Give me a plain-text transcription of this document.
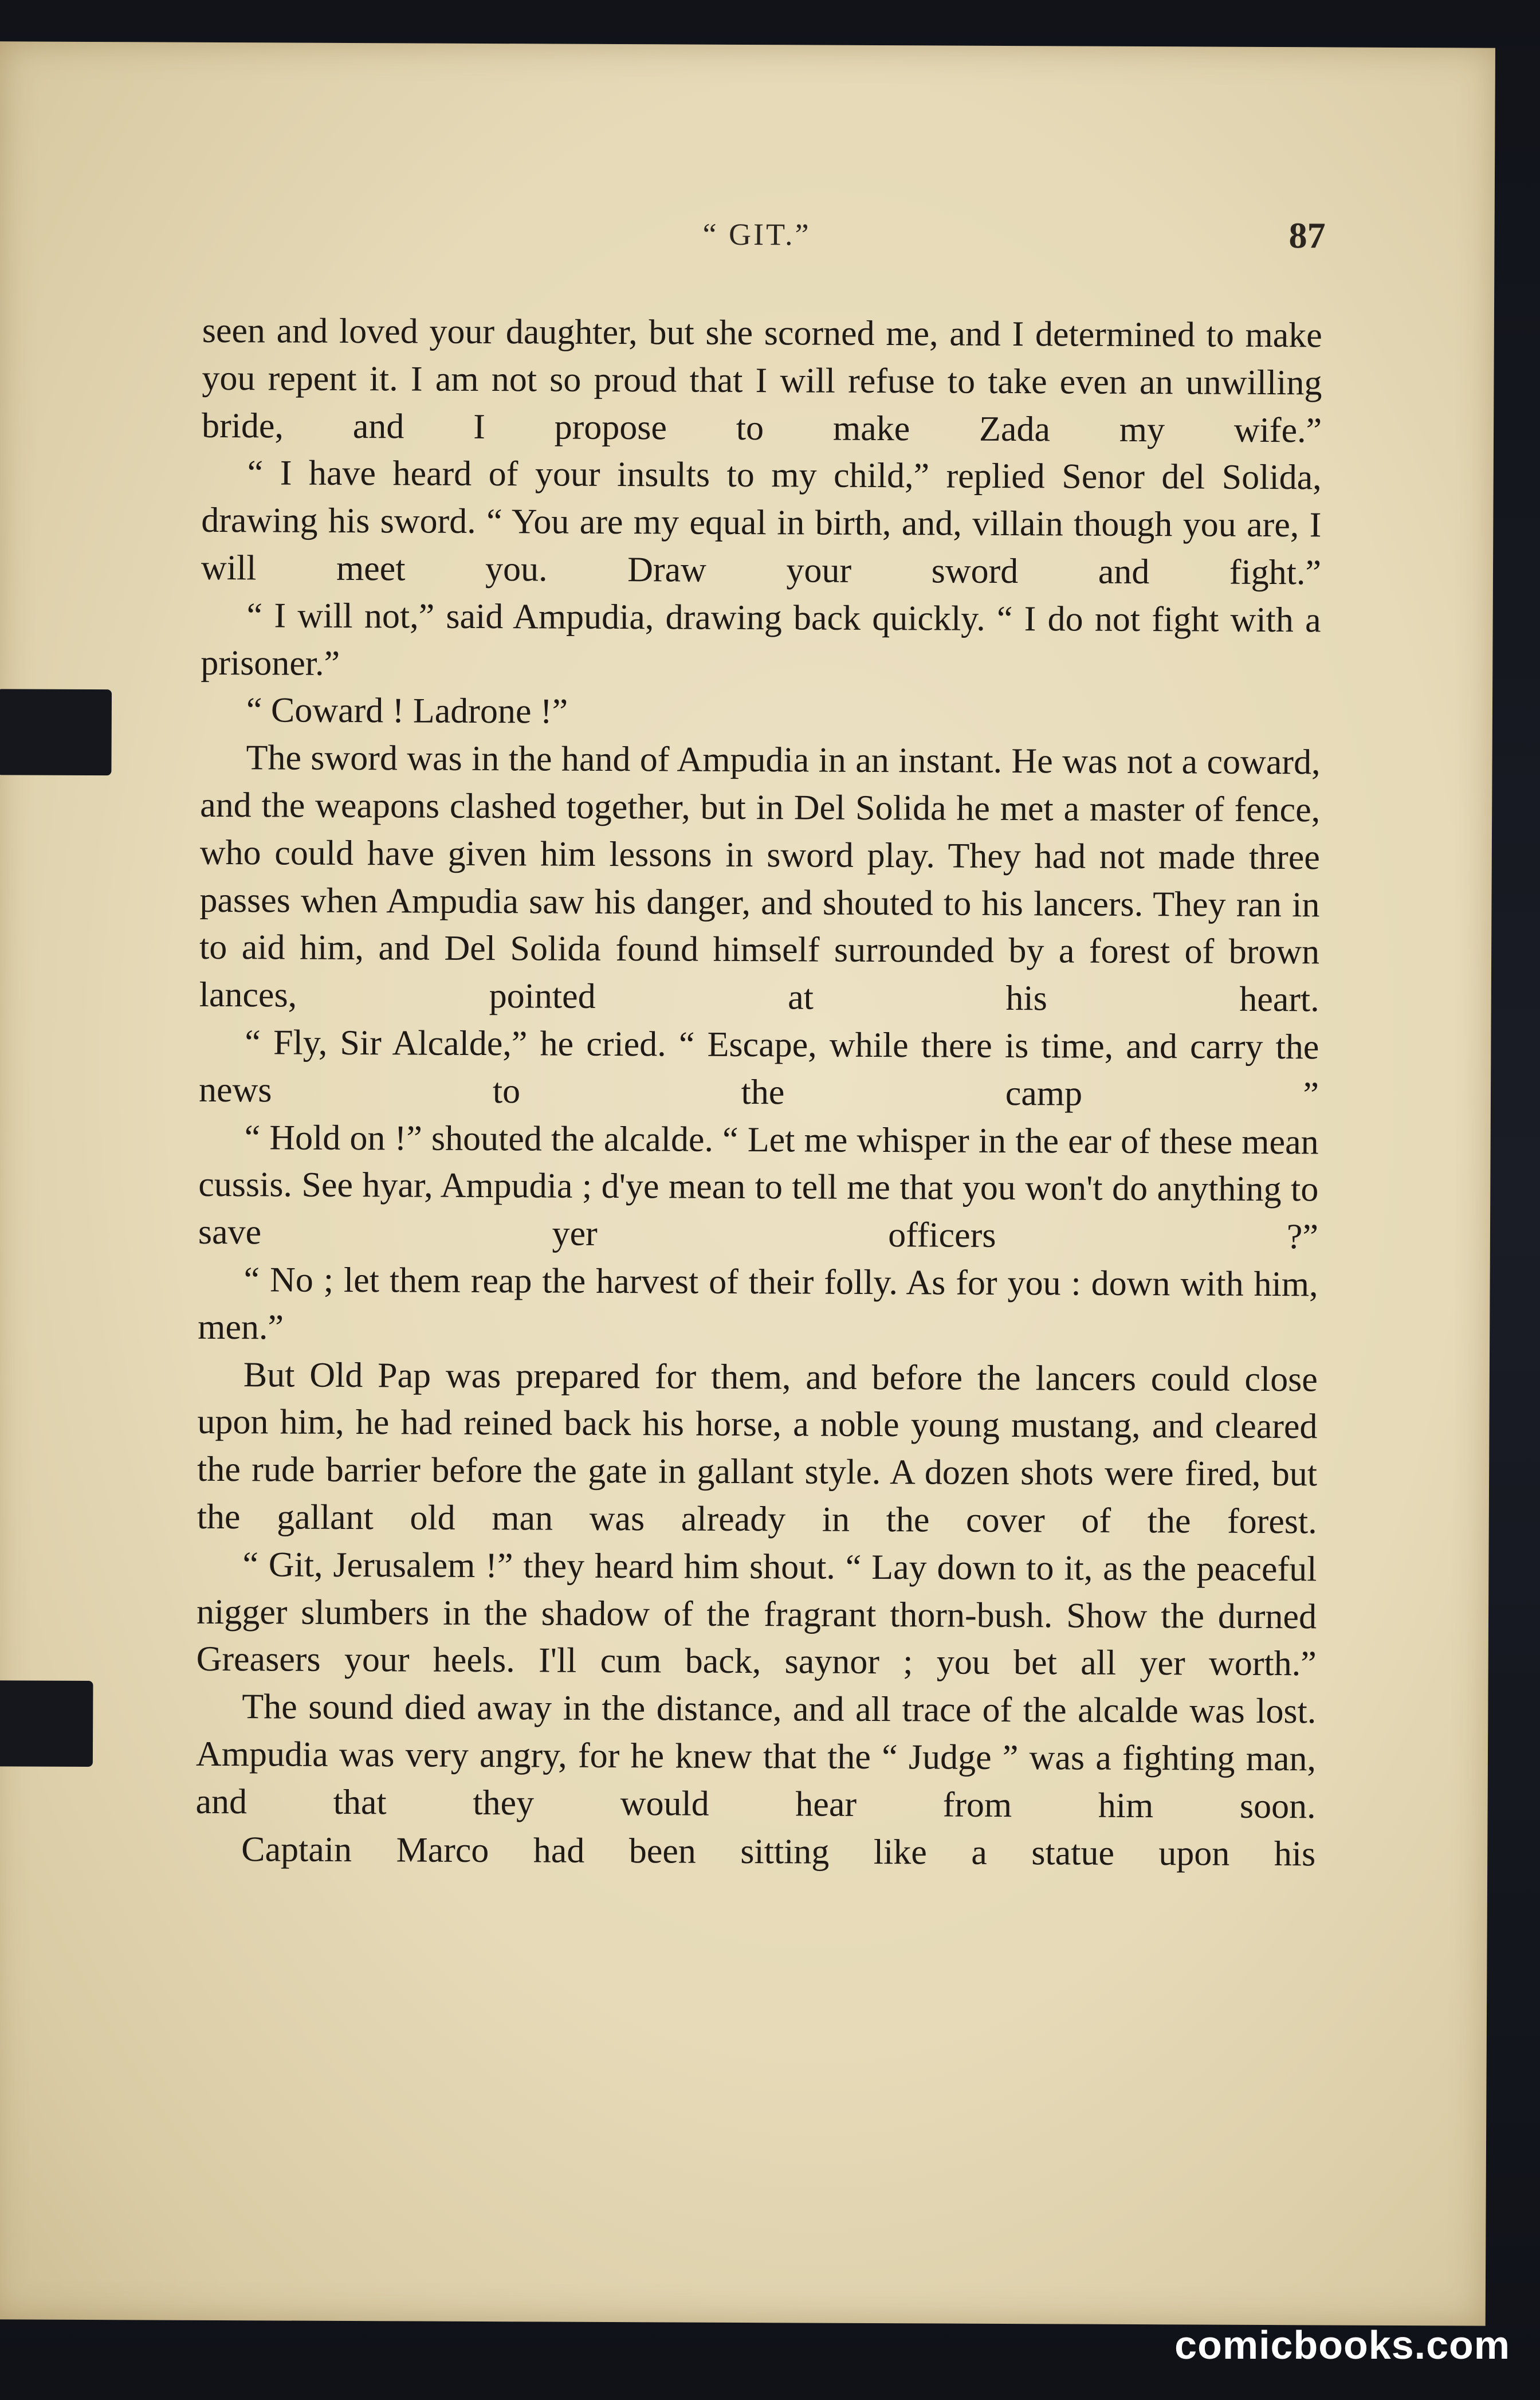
“ GIT.”	87

seen and loved your daughter, but she scorned me, and I determined to make you repent it. I am not so proud that I will refuse to take even an unwilling bride, and I propose to make Zada my wife.”

“ I have heard of your insults to my child,” replied Senor del Solida, drawing his sword. “ You are my equal in birth, and, villain though you are, I will meet you. Draw your sword and fight.”

“ I will not,” said Ampudia, drawing back quickly. “ I do not fight with a prisoner.”

“ Coward ! Ladrone !”

The sword was in the hand of Ampudia in an instant. He was not a coward, and the weapons clashed together, but in Del Solida he met a master of fence, who could have given him lessons in sword play. They had not made three passes when Ampudia saw his danger, and shouted to his lancers. They ran in to aid him, and Del Solida found himself surrounded by a forest of brown lances, pointed at his heart.

“ Fly, Sir Alcalde,” he cried. “ Escape, while there is time, and carry the news to the camp ”

“ Hold on !” shouted the alcalde. “ Let me whisper in the ear of these mean cussis. See hyar, Ampudia ; d'ye mean to tell me that you won't do anything to save yer officers ?”

“ No ; let them reap the harvest of their folly. As for you : down with him, men.”

But Old Pap was prepared for them, and before the lancers could close upon him, he had reined back his horse, a noble young mustang, and cleared the rude barrier before the gate in gallant style. A dozen shots were fired, but the gallant old man was already in the cover of the forest.

“ Git, Jerusalem !” they heard him shout. “ Lay down to it, as the peaceful nigger slumbers in the shadow of the fragrant thorn-bush. Show the durned Greasers your heels. I'll cum back, saynor ; you bet all yer worth.”

The sound died away in the distance, and all trace of the alcalde was lost. Ampudia was very angry, for he knew that the “ Judge ” was a fighting man, and that they would hear from him soon.

Captain Marco had been sitting like a statue upon his

comicbooks.com
